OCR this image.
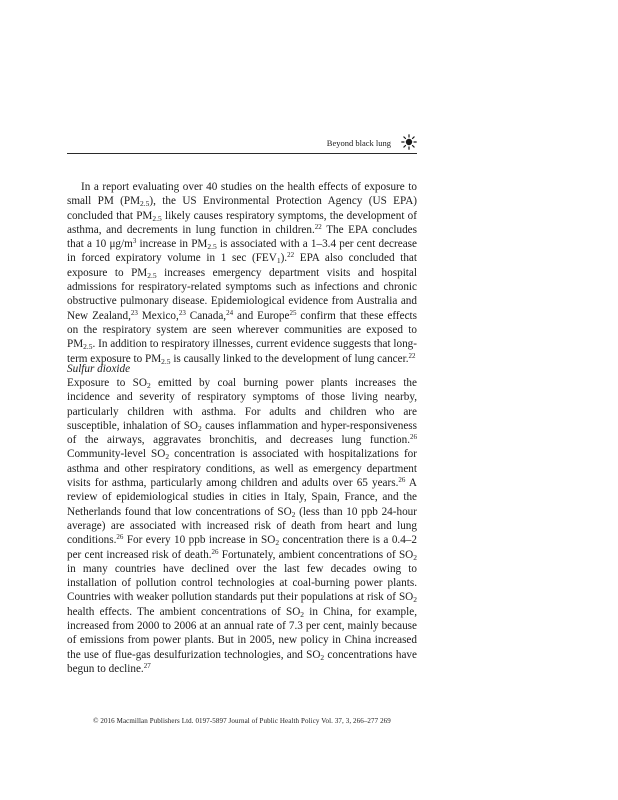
Beyond black lung

In a report evaluating over 40 studies on the health effects of exposure to small PM $(PM_{2.5})$, the US Environmental Protection Agency (US EPA) concluded that $PM_{2.5}$ likely causes respiratory symptoms, the development of asthma, and decrements in lung function in children.$^{22}$ The EPA concludes that a 10 $\mu g/m^3$ increase in $PM_{2.5}$ is associated with a 1–3.4 per cent decrease in forced expiratory volume in 1 $\sec (FEV_1).^{22}$ EPA also concluded that exposure to $PM_{2.5}$ increases emergency department visits and hospital admissions for respiratory-related symptoms such as infections and chronic obstructive pulmonary disease. Epidemiological evidence from Australia and New Zealand,$^{23}$ Mexico,$^{23}$ Canada,$^{24}$ and Europe$^{25}$ confirm that these effects on the respiratory system are seen wherever communities are exposed to $PM_{2.5}$. In addition to respiratory illnesses, current evidence suggests that long-term exposure to $PM_{2.5}$ is causally linked to the development of lung cancer.$^{22}$

Sulfur dioxide

Exposure to $SO_2$ emitted by coal burning power plants increases the incidence and severity of respiratory symptoms of those living nearby, particularly children with asthma. For adults and children who are susceptible, inhalation of $SO_2$ causes inflammation and hyper-responsiveness of the airways, aggravates bronchitis, and decreases lung function.$^{26}$ Community-level $SO_2$ concentration is associated with hospitalizations for asthma and other respiratory conditions, as well as emergency department visits for asthma, particularly among children and adults over 65 years.$^{26}$ A review of epidemiological studies in cities in Italy, Spain, France, and the Netherlands found that low concentrations of $SO_2$ (less than 10 ppb 24-hour average) are associated with increased risk of death from heart and lung conditions.$^{26}$ For every 10 ppb increase in $SO_2$ concentration there is a 0.4–2 per cent increased risk of death.$^{26}$ Fortunately, ambient concentrations of $SO_2$ in many countries have declined over the last few decades owing to installation of pollution control technologies at coal-burning power plants. Countries with weaker pollution standards put their populations at risk of $SO_2$ health effects. The ambient concentrations of $SO_2$ in China, for example, increased from 2000 to 2006 at an annual rate of 7.3 per cent, mainly because of emissions from power plants. But in 2005, new policy in China increased the use of flue-gas desulfurization technologies, and $SO_2$ concentrations have begun to decline.$^{27}$

© 2016 Macmillan Publishers Ltd. 0197-5897 Journal of Public Health Policy Vol. 37, 3, 266–277 269
